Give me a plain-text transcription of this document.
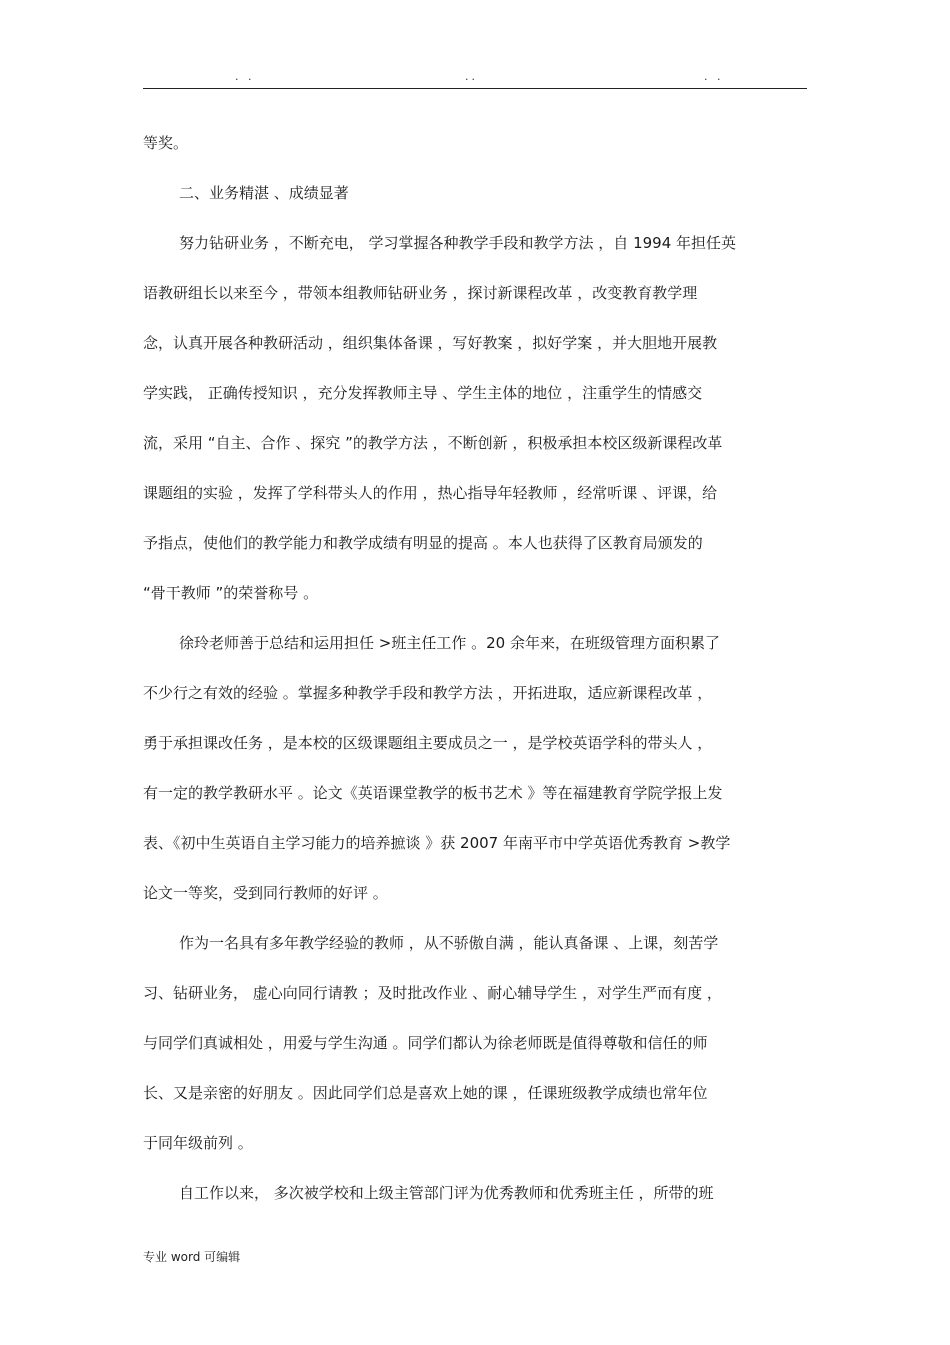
. .	..	. .
等奖。
二、业务精湛 、成绩显著
努力钻研业务 ，不断充电， 学习掌握各种教学手段和教学方法 ，自 1994 年担任英
语教研组长以来至今 ，带领本组教师钻研业务 ，探讨新课程改革 ，改变教育教学理
念，认真开展各种教研活动 ，组织集体备课 ，写好教案 ，拟好学案 ，并大胆地开展教
学实践， 正确传授知识 ，充分发挥教师主导 、学生主体的地位 ，注重学生的情感交
流，采用 “自主、合作 、探究 ”的教学方法 ，不断创新 ，积极承担本校区级新课程改革
课题组的实验 ，发挥了学科带头人的作用 ，热心指导年轻教师 ，经常听课 、评课，给
予指点，使他们的教学能力和教学成绩有明显的提高 。本人也获得了区教育局颁发的
“骨干教师 ”的荣誉称号 。
徐玲老师善于总结和运用担任 >班主任工作 。20 余年来，在班级管理方面积累了
不少行之有效的经验 。掌握多种教学手段和教学方法 ，开拓进取，适应新课程改革 ，
勇于承担课改任务 ，是本校的区级课题组主要成员之一 ，是学校英语学科的带头人 ，
有一定的教学教研水平 。论文《英语课堂教学的板书艺术 》等在福建教育学院学报上发
表、《初中生英语自主学习能力的培养摭谈 》获 2007 年南平市中学英语优秀教育 >教学
论文一等奖，受到同行教师的好评 。
作为一名具有多年教学经验的教师 ，从不骄傲自满 ，能认真备课 、上课，刻苦学
习、钻研业务， 虚心向同行请教 ；及时批改作业 、耐心辅导学生 ，对学生严而有度 ，
与同学们真诚相处 ，用爱与学生沟通 。同学们都认为徐老师既是值得尊敬和信任的师
长、又是亲密的好朋友 。因此同学们总是喜欢上她的课 ，任课班级教学成绩也常年位
于同年级前列 。
自工作以来， 多次被学校和上级主管部门评为优秀教师和优秀班主任 ，所带的班
专业 word 可编辑
